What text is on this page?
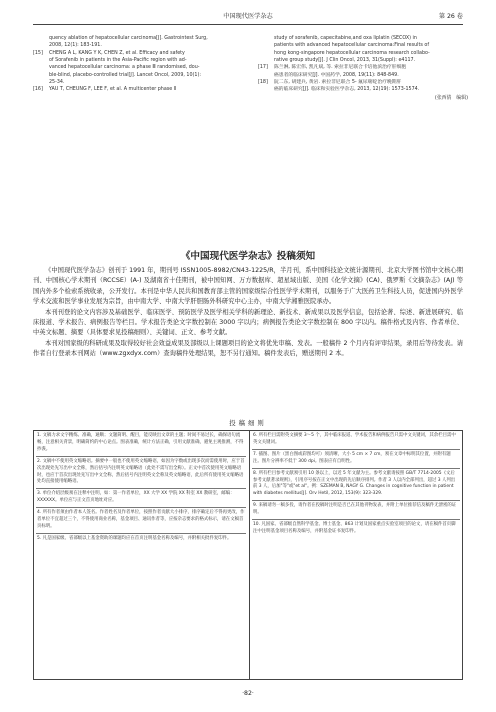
中国现代医学杂志	第 26 卷
quency ablation of hepatocellular carcinoma[J]. Gastrointest Surg,
2008, 12(1): 183-191.
[15]	CHENG A L, KANG Y K, CHEN Z, et al. Efficacy and safety
of Sorafenib in patients in the Asia-Pacific region with ad-
vanced hepatocellular carcinoma: a phase Ⅲ randomised, dou-
ble-blind, placebo-controlled trial[J]. Lancet Oncol, 2009, 10(1):
25-34.
[16]	YAU T, CHEUNG F, LEE F, et al. A multicenter phase Ⅱ
study of sorafenib, capecitabine,and oxa liplatin (SECOX) in
patients with advanced hepatocellular carcinoma:Final results of
hong kong-singapore hepatocellular carcinoma research collabo-
rative group study[J]. J Clin Oncol, 2013, 31(Suppl): e4117.
[17]	陈兰淋, 陈宏伟, 凯凡斌, 等. 索拉非尼联合卡培他滨治疗肝细胞
癌患者的临床研究[J]. 中国药学, 2008, 19(11): 848-849.
[18]	阮二东, 胡建兵, 黄岩. 索拉非尼联合 5- 氟尿嘧啶治疗晚期肝
癌的临床研究[J]. 临床和实验医学杂志, 2013, 12(19): 1573-1574.
(张西倩　编辑)
《中国现代医学杂志》投稿须知

《中国现代医学杂志》创刊于 1991 年，期刊号 ISSN1005-8982/CN43-1225/R，半月刊，系中国科技论文统计源期刊、北京大学图书馆中文核心期刊、中国核心学术期刊（RCCSE）(A-) 及湖南省十佳期刊，被中国知网、万方数据库、超星域出版、美国《化学文摘》(CA)、俄罗斯《文摘杂志》(AJ) 等国内外多个检索系统收录，公开发行。本刊是中华人民共和国教育部主管的国家级综合性医学学术期刊，以服务于广大医药卫生科技人员，促进国内外医学学术交流和医学事业发展为宗旨，由中南大学、中南大学肝胆肠外科研究中心主办，中南大学湘雅医院承办。

本刊刊登的论文内容涉及基础医学、临床医学、预防医学及医学相关学科的新理论、新技术、新成果以及医学信息，包括论著、综述、新进展研究、临床报道、学术报告、病例报告等栏目。学术报告类论文字数控制在 3000 字以内；病例报告类论文字数控制在 800 字以内。稿件格式及内容、作者单位、中英文标题、摘要（具体要求见投稿细则）、关键词、正文、参考文献。

本刊对国家级的科研成果及取得较好社会效益成果及部级以上课题项目的论文将优先审稿、发表。一般稿件 2 个月内有评审结果，录用后等待发表。请作者自行登录本刊网站（www.zgxdyx.com）查询稿件处理结果，恕不另行通知。稿件发表后，赠送期刊 2 本。

投稿细则
1. 文稿力求文字精练、准确，通顺；文题简明、醒目，能反映出文章的主题；时间不易过长，确保语句流畅，注意相关背景，明确简约的中心论点。图表准确，统计方法正确，引用文献准确，避免主观推测，不得抄袭。
2. 文稿中不使用英文缩略语。摘要中一般也不使用英文缩略语，如因为字数或出现多次而需使用时，应于首次出现处先写出中文全称，然后括号内注明英文缩略语（此处不需写出全称）。正文中首次使用英文缩略语时，也应于首次出现处先写出中文全称，然后括号内注明英文全称及英文缩略语，此后所有使用英文缩略语处均直接使用缩略语。
3. 单位介绍层级须在注释中注明，如：第一作者单位，XX 大学 XX 学院 XX 科室 XX 教研室，邮编：XXXXXX。单位应与正文首页地址对应。
4. 所有作者须由作者本人签名。作者姓名及作者单位，按照作者贡献大小排序，排序确定后不得再更改，作者单位不宜超过三个，不得使用商业名称，基金项目、通讯作者等，应按杂志要求的格式标示，请在文稿首页标明。
5. 凡是国家级、省部级以上基金资助的课题均应在首页注明基金名称及编号，并附相关批件复印件。
6. 所有栏目需附英文摘要 3～5 个，其中临床报道、学术报告和病例报告只需中文关键词，其余栏目需中英文关键词。
7. 插图、图片（黑白图或彩图均可）须清晰，大小 5 cm × 7 cm，须在文章中标明其位置，并附有题注。图片分辨率不低于 300 dpi。图表应有自明性。
8. 所有栏目参考文献须引用 10 条以上，以近 5 年文献为主。参考文献请按照 GB/T 7714-2005《文后参考文献著录规则》，引用序号按在正文中出现的先后顺序排列。作者 3 人以内全部列出，超过 3 人列出前 3 人，后加"等"或"et al"。例：SZEMAN B, NAGY G. Changes in cognitive function in patient with diabetes mellitus[J]. Orv Hetil, 2012, 153(9): 323-329.
9. 来稿请勿一稿多投，请作者在投稿时注明是否已在其他刊物发表，并附上单位推荐信及稿件无泄密的证明。
10. 凡国家、省部级自然科学基金、博士基金、863 计划及国家重点实验室项目的论文，请在稿件首页脚注中注明基金项目名称及编号，并附基金证书复印件。
·82·
